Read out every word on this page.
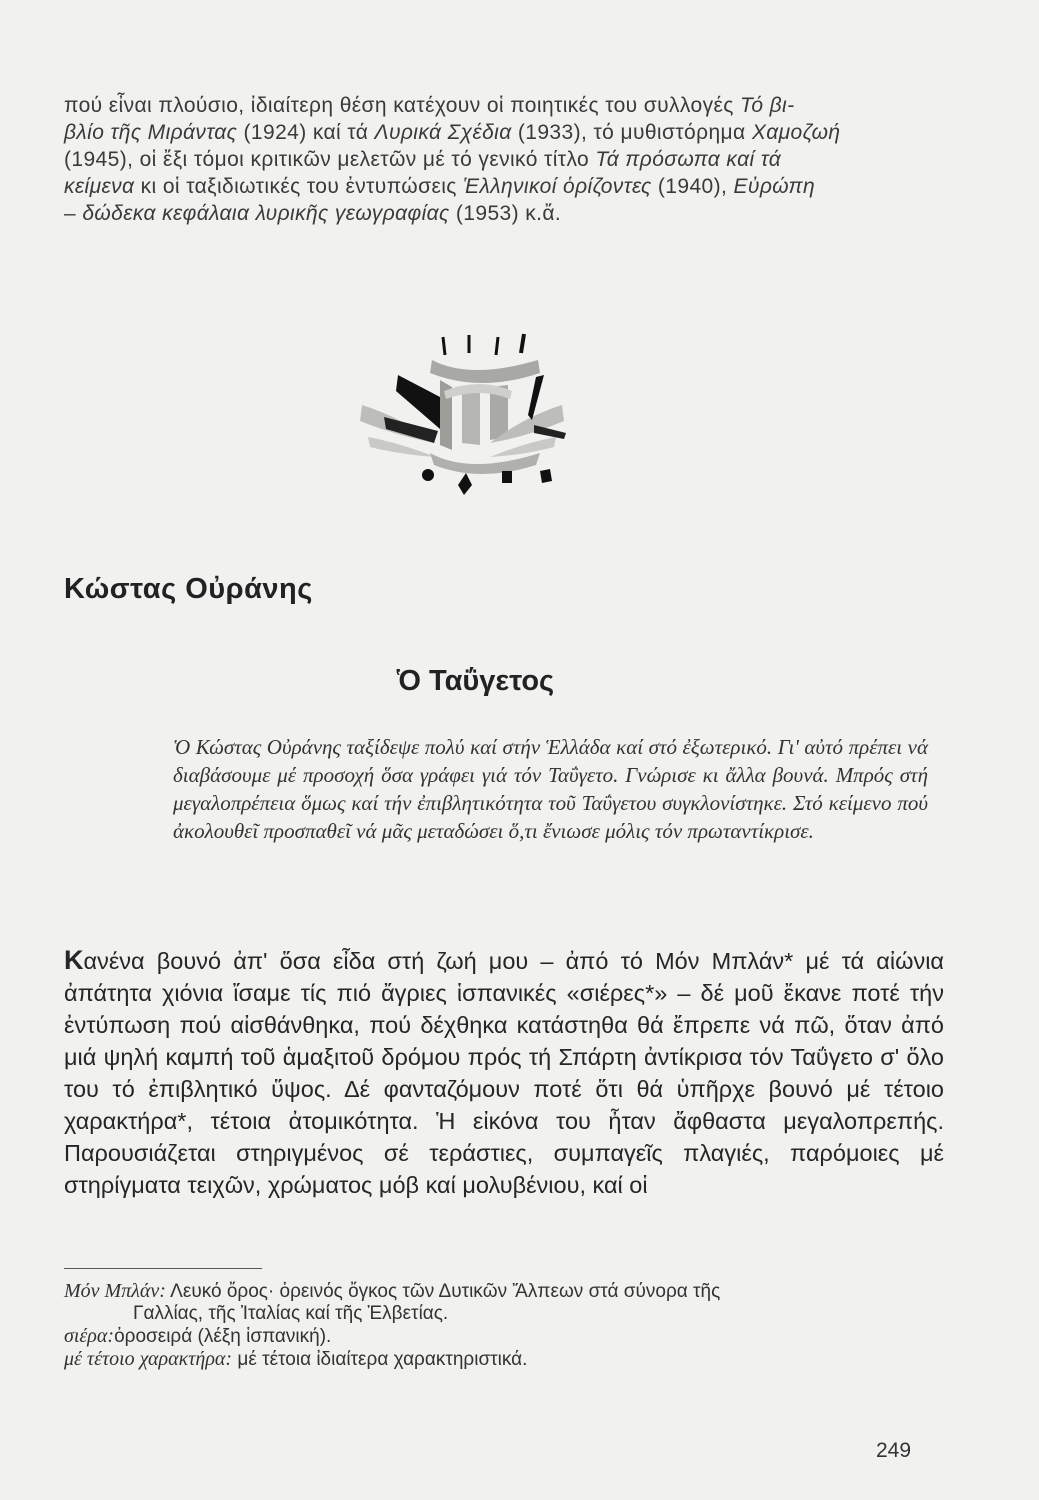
πού εἶναι πλούσιο, ἰδιαίτερη θέση κατέχουν οἱ ποιητικές του συλλογές Τό βι-

βλίο τῆς Μιράντας (1924) καί τά Λυρικά Σχέδια (1933), τό μυθιστόρημα Χαμοζωή

(1945), οἱ ἔξι τόμοι κριτικῶν μελετῶν μέ τό γενικό τίτλο Τά πρόσωπα καί τά

κείμενα κι οἱ ταξιδιωτικές του ἐντυπώσεις Ἑλληνικοί ὁρίζοντες (1940), Εὐρώπη

– δώδεκα κεφάλαια λυρικῆς γεωγραφίας (1953) κ.ἄ.

Κώστας Οὐράνης
Ὁ Ταΰγετος

Ὁ Κώστας Οὐράνης ταξίδεψε πολύ καί στήν Ἑλλάδα καί στό ἐξωτερικό. Γι' αὐτό πρέπει νά διαβάσουμε μέ προσοχή ὅσα γράφει γιά τόν Ταΰγετο. Γνώρισε κι ἄλλα βουνά. Μπρός στή μεγαλοπρέπεια ὅμως καί τήν ἐπιβλητικότητα τοῦ Ταΰγετου συγκλονίστηκε. Στό κείμενο πού ἀκολουθεῖ προσπαθεῖ νά μᾶς μεταδώσει ὅ,τι ἔνιωσε μόλις τόν πρωταντίκρισε.

Κανένα βουνό ἀπ' ὅσα εἶδα στή ζωή μου – ἀπό τό Μόν Μπλάν* μέ τά αἰώνια ἀπάτητα χιόνια ἴσαμε τίς πιό ἄγριες ἱσπανικές «σιέρες*» – δέ μοῦ ἔκανε ποτέ τήν ἐντύπωση πού αἰσθάνθηκα, πού δέχθηκα κατάστηθα θά ἔπρεπε νά πῶ, ὅταν ἀπό μιά ψηλή καμπή τοῦ ἁμαξιτοῦ δρόμου πρός τή Σπάρτη ἀντίκρισα τόν Ταΰγετο σ' ὅλο του τό ἐπιβλητικό ὕψος. Δέ φανταζόμουν ποτέ ὅτι θά ὑπῆρχε βουνό μέ τέτοιο χαρακτήρα*, τέτοια ἀτομικότητα. Ἡ εἰκόνα του ἦταν ἄφθαστα μεγαλοπρεπής. Παρουσιάζεται στηριγμένος σέ τεράστιες, συμπαγεῖς πλαγιές, παρόμοιες μέ στηρίγματα τειχῶν, χρώματος μόβ καί μολυβένιου, καί οἱ

Μόν Μπλάν: Λευκό ὄρος· ὀρεινός ὄγκος τῶν Δυτικῶν Ἄλπεων στά σύνορα τῆς
Γαλλίας, τῆς Ἰταλίας καί τῆς Ἑλβετίας.

σιέρα:ὀροσειρά (λέξη ἱσπανική).

μέ τέτοιο χαρακτήρα: μέ τέτοια ἰδιαίτερα χαρακτηριστικά.

249
